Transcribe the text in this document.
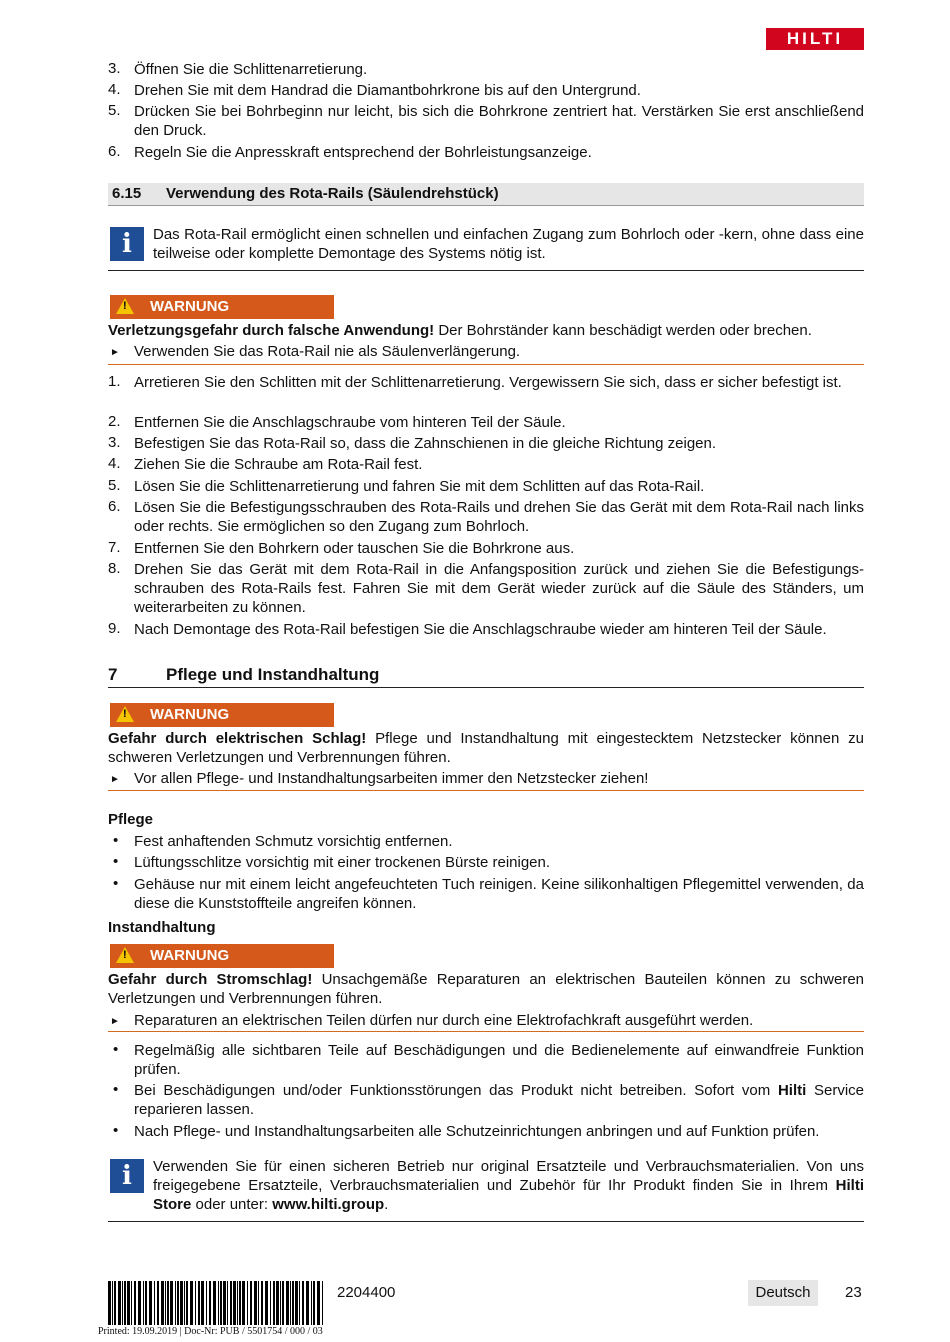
HILTI
3. Öffnen Sie die Schlittenarretierung.
4. Drehen Sie mit dem Handrad die Diamantbohrkrone bis auf den Untergrund.
5. Drücken Sie bei Bohrbeginn nur leicht, bis sich die Bohrkrone zentriert hat. Verstärken Sie erst anschließend den Druck.
6. Regeln Sie die Anpresskraft entsprechend der Bohrleistungsanzeige.
6.15 Verwendung des Rota-Rails (Säulendrehstück)
i	Das Rota-Rail ermöglicht einen schnellen und einfachen Zugang zum Bohrloch oder -kern, ohne dass eine teilweise oder komplette Demontage des Systems nötig ist.
! WARNUNG
Verletzungsgefahr durch falsche Anwendung! Der Bohrständer kann beschädigt werden oder brechen.
► Verwenden Sie das Rota-Rail nie als Säulenverlängerung.
1. Arretieren Sie den Schlitten mit der Schlittenarretierung. Vergewissern Sie sich, dass er sicher befestigt ist.
2. Entfernen Sie die Anschlagschraube vom hinteren Teil der Säule.
3. Befestigen Sie das Rota-Rail so, dass die Zahnschienen in die gleiche Richtung zeigen.
4. Ziehen Sie die Schraube am Rota-Rail fest.
5. Lösen Sie die Schlittenarretierung und fahren Sie mit dem Schlitten auf das Rota-Rail.
6. Lösen Sie die Befestigungsschrauben des Rota-Rails und drehen Sie das Gerät mit dem Rota-Rail nach links oder rechts. Sie ermöglichen so den Zugang zum Bohrloch.
7. Entfernen Sie den Bohrkern oder tauschen Sie die Bohrkrone aus.
8. Drehen Sie das Gerät mit dem Rota-Rail in die Anfangsposition zurück und ziehen Sie die Befestigungsschrauben des Rota-Rails fest. Fahren Sie mit dem Gerät wieder zurück auf die Säule des Ständers, um weiterarbeiten zu können.
9. Nach Demontage des Rota-Rail befestigen Sie die Anschlagschraube wieder am hinteren Teil der Säule.
7	Pflege und Instandhaltung
! WARNUNG
Gefahr durch elektrischen Schlag! Pflege und Instandhaltung mit eingestecktem Netzstecker können zu schweren Verletzungen und Verbrennungen führen.
► Vor allen Pflege- und Instandhaltungsarbeiten immer den Netzstecker ziehen!
Pflege
• Fest anhaftenden Schmutz vorsichtig entfernen.
• Lüftungsschlitze vorsichtig mit einer trockenen Bürste reinigen.
• Gehäuse nur mit einem leicht angefeuchteten Tuch reinigen. Keine silikonhaltigen Pflegemittel verwenden, da diese die Kunststoffteile angreifen können.
Instandhaltung
! WARNUNG
Gefahr durch Stromschlag! Unsachgemäße Reparaturen an elektrischen Bauteilen können zu schweren Verletzungen und Verbrennungen führen.
► Reparaturen an elektrischen Teilen dürfen nur durch eine Elektrofachkraft ausgeführt werden.
• Regelmäßig alle sichtbaren Teile auf Beschädigungen und die Bedienelemente auf einwandfreie Funktion prüfen.
• Bei Beschädigungen und/oder Funktionsstörungen das Produkt nicht betreiben. Sofort vom Hilti Service reparieren lassen.
• Nach Pflege- und Instandhaltungsarbeiten alle Schutzeinrichtungen anbringen und auf Funktion prüfen.
i	Verwenden Sie für einen sicheren Betrieb nur original Ersatzteile und Verbrauchsmaterialien. Von uns freigegebene Ersatzteile, Verbrauchsmaterialien und Zubehör für Ihr Produkt finden Sie in Ihrem Hilti Store oder unter: www.hilti.group.
2204400	Deutsch	23
Printed: 19.09.2019 | Doc-Nr: PUB / 5501754 / 000 / 03
